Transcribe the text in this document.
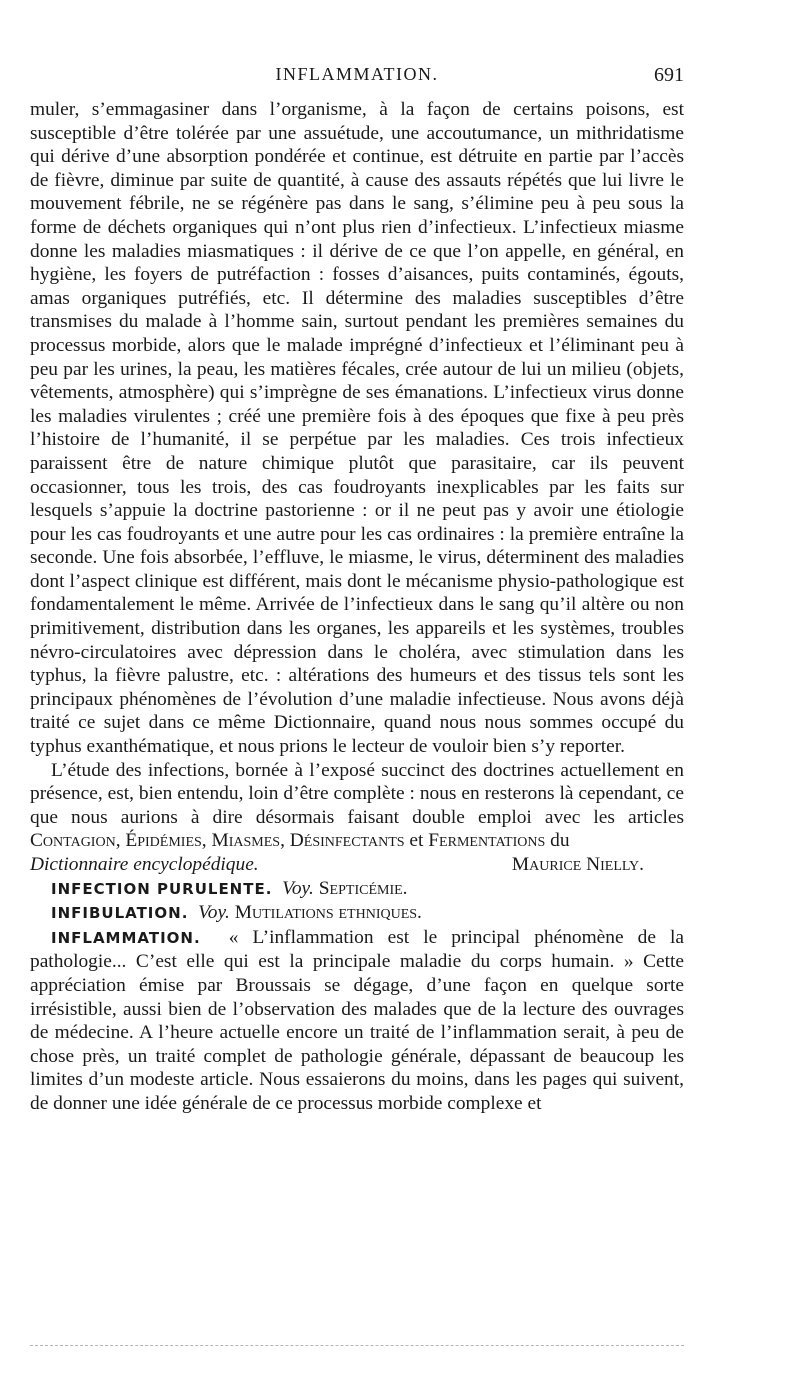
INFLAMMATION.	691

muler, s’emmagasiner dans l’organisme, à la façon de certains poisons, est susceptible d’être tolérée par une assuétude, une accoutumance, un mithridatisme qui dérive d’une absorption pondérée et continue, est détruite en partie par l’accès de fièvre, diminue par suite de quantité, à cause des assauts répétés que lui livre le mouvement fébrile, ne se régénère pas dans le sang, s’élimine peu à peu sous la forme de déchets organiques qui n’ont plus rien d’infectieux. L’infectieux miasme donne les maladies miasmatiques : il dérive de ce que l’on appelle, en général, en hygiène, les foyers de putréfaction : fosses d’aisances, puits contaminés, égouts, amas organiques putréfiés, etc. Il détermine des maladies susceptibles d’être transmises du malade à l’homme sain, surtout pendant les premières semaines du processus morbide, alors que le malade imprégné d’infectieux et l’éliminant peu à peu par les urines, la peau, les matières fécales, crée autour de lui un milieu (objets, vêtements, atmosphère) qui s’imprègne de ses émanations. L’infectieux virus donne les maladies virulentes ; créé une première fois à des époques que fixe à peu près l’histoire de l’humanité, il se perpétue par les maladies. Ces trois infectieux paraissent être de nature chimique plutôt que parasitaire, car ils peuvent occasionner, tous les trois, des cas foudroyants inexplicables par les faits sur lesquels s’appuie la doctrine pastorienne : or il ne peut pas y avoir une étiologie pour les cas foudroyants et une autre pour les cas ordinaires : la première entraîne la seconde. Une fois absorbée, l’effluve, le miasme, le virus, déterminent des maladies dont l’aspect clinique est différent, mais dont le mécanisme physio-pathologique est fondamentalement le même. Arrivée de l’infectieux dans le sang qu’il altère ou non primitivement, distribution dans les organes, les appareils et les systèmes, troubles névro-circulatoires avec dépression dans le choléra, avec stimulation dans les typhus, la fièvre palustre, etc. : altérations des humeurs et des tissus tels sont les principaux phénomènes de l’évolution d’une maladie infectieuse. Nous avons déjà traité ce sujet dans ce même Dictionnaire, quand nous nous sommes occupé du typhus exanthématique, et nous prions le lecteur de vouloir bien s’y reporter.

L’étude des infections, bornée à l’exposé succinct des doctrines actuellement en présence, est, bien entendu, loin d’être complète : nous en resterons là cependant, ce que nous aurions à dire désormais faisant double emploi avec les articles Contagion, Épidémies, Miasmes, Désinfectants et Fermentations du

Dictionnaire encyclopédique.	Maurice Nielly.

INFECTION PURULENTE. Voy. Septicémie.

INFIBULATION. Voy. Mutilations ethniques.

INFLAMMATION. « L’inflammation est le principal phénomène de la pathologie... C’est elle qui est la principale maladie du corps humain. » Cette appréciation émise par Broussais se dégage, d’une façon en quelque sorte irrésistible, aussi bien de l’observation des malades que de la lecture des ouvrages de médecine. A l’heure actuelle encore un traité de l’inflammation serait, à peu de chose près, un traité complet de pathologie générale, dépassant de beaucoup les limites d’un modeste article. Nous essaierons du moins, dans les pages qui suivent, de donner une idée générale de ce processus morbide complexe et
